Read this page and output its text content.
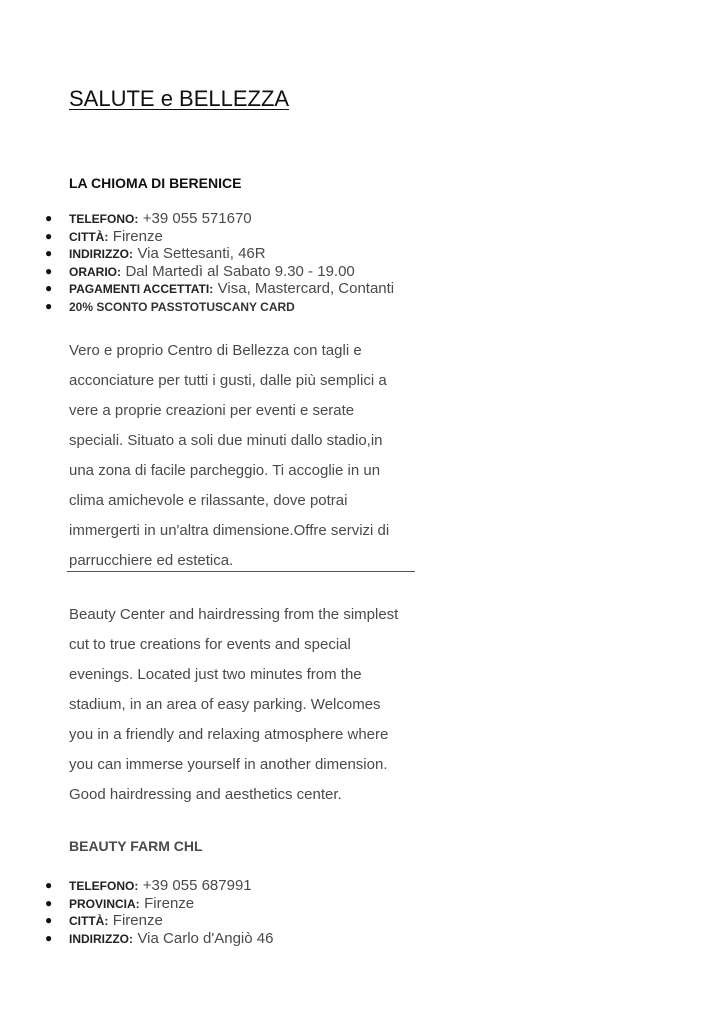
SALUTE e BELLEZZA
LA CHIOMA DI BERENICE
● TELEFONO: +39 055 571670
● CITTÀ: Firenze
● INDIRIZZO: Via Settesanti, 46R
● ORARIO: Dal Martedì al Sabato 9.30 - 19.00
● PAGAMENTI ACCETTATI: Visa, Mastercard, Contanti
● 20% SCONTO PASSTOTUSCANY CARD
Vero e proprio Centro di Bellezza con tagli e
acconciature per tutti i gusti, dalle più semplici a
vere a proprie creazioni per eventi e serate
speciali. Situato a soli due minuti dallo stadio,in
una zona di facile parcheggio. Ti accoglie in un
clima amichevole e rilassante, dove potrai
immergerti in un'altra dimensione.Offre servizi di
parrucchiere ed estetica.
Beauty Center and hairdressing from the simplest
cut to true creations for events and special
evenings. Located just two minutes from the
stadium, in an area of easy parking. Welcomes
you in a friendly and relaxing atmosphere where
you can immerse yourself in another dimension.
Good hairdressing and aesthetics center.
BEAUTY FARM CHL
● TELEFONO: +39 055 687991
● PROVINCIA: Firenze
● CITTÀ: Firenze
● INDIRIZZO: Via Carlo d'Angiò 46
